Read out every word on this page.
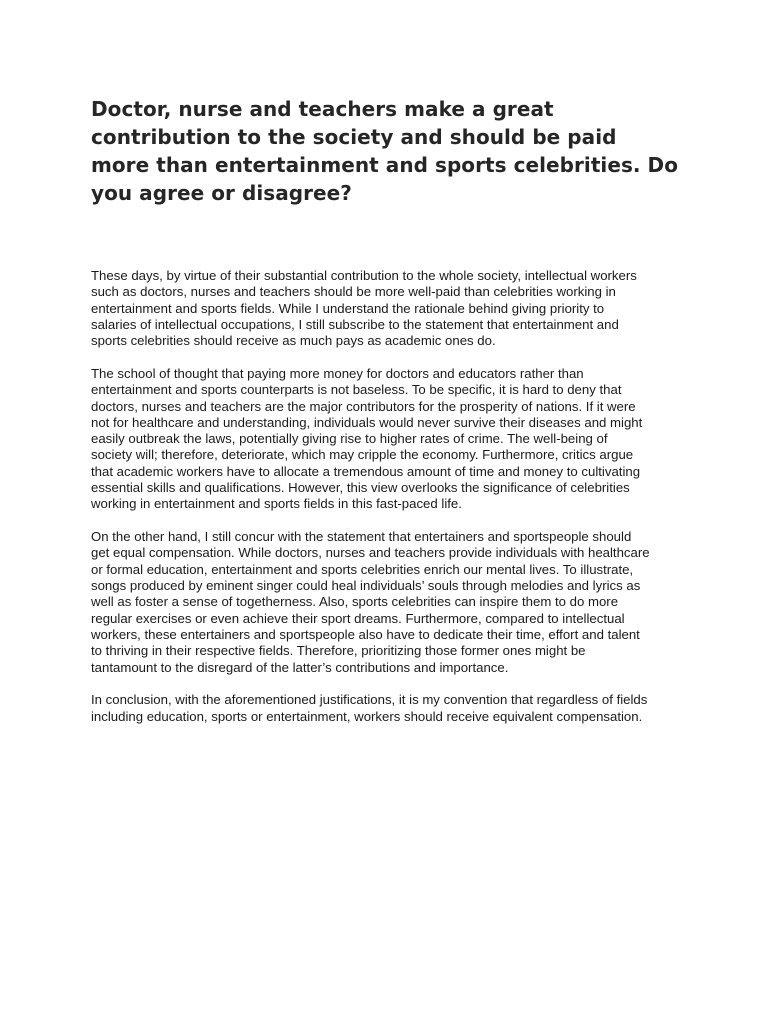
Doctor, nurse and teachers make a great
contribution to the society and should be paid
more than entertainment and sports celebrities. Do
you agree or disagree?

These days, by virtue of their substantial contribution to the whole society, intellectual workers
such as doctors, nurses and teachers should be more well-paid than celebrities working in
entertainment and sports fields. While I understand the rationale behind giving priority to
salaries of intellectual occupations, I still subscribe to the statement that entertainment and
sports celebrities should receive as much pays as academic ones do.

The school of thought that paying more money for doctors and educators rather than
entertainment and sports counterparts is not baseless. To be specific, it is hard to deny that
doctors, nurses and teachers are the major contributors for the prosperity of nations. If it were
not for healthcare and understanding, individuals would never survive their diseases and might
easily outbreak the laws, potentially giving rise to higher rates of crime. The well-being of
society will; therefore, deteriorate, which may cripple the economy. Furthermore, critics argue
that academic workers have to allocate a tremendous amount of time and money to cultivating
essential skills and qualifications. However, this view overlooks the significance of celebrities
working in entertainment and sports fields in this fast-paced life.

On the other hand, I still concur with the statement that entertainers and sportspeople should
get equal compensation. While doctors, nurses and teachers provide individuals with healthcare
or formal education, entertainment and sports celebrities enrich our mental lives. To illustrate,
songs produced by eminent singer could heal individuals’ souls through melodies and lyrics as
well as foster a sense of togetherness. Also, sports celebrities can inspire them to do more
regular exercises or even achieve their sport dreams. Furthermore, compared to intellectual
workers, these entertainers and sportspeople also have to dedicate their time, effort and talent
to thriving in their respective fields. Therefore, prioritizing those former ones might be
tantamount to the disregard of the latter’s contributions and importance.

In conclusion, with the aforementioned justifications, it is my convention that regardless of fields
including education, sports or entertainment, workers should receive equivalent compensation.
